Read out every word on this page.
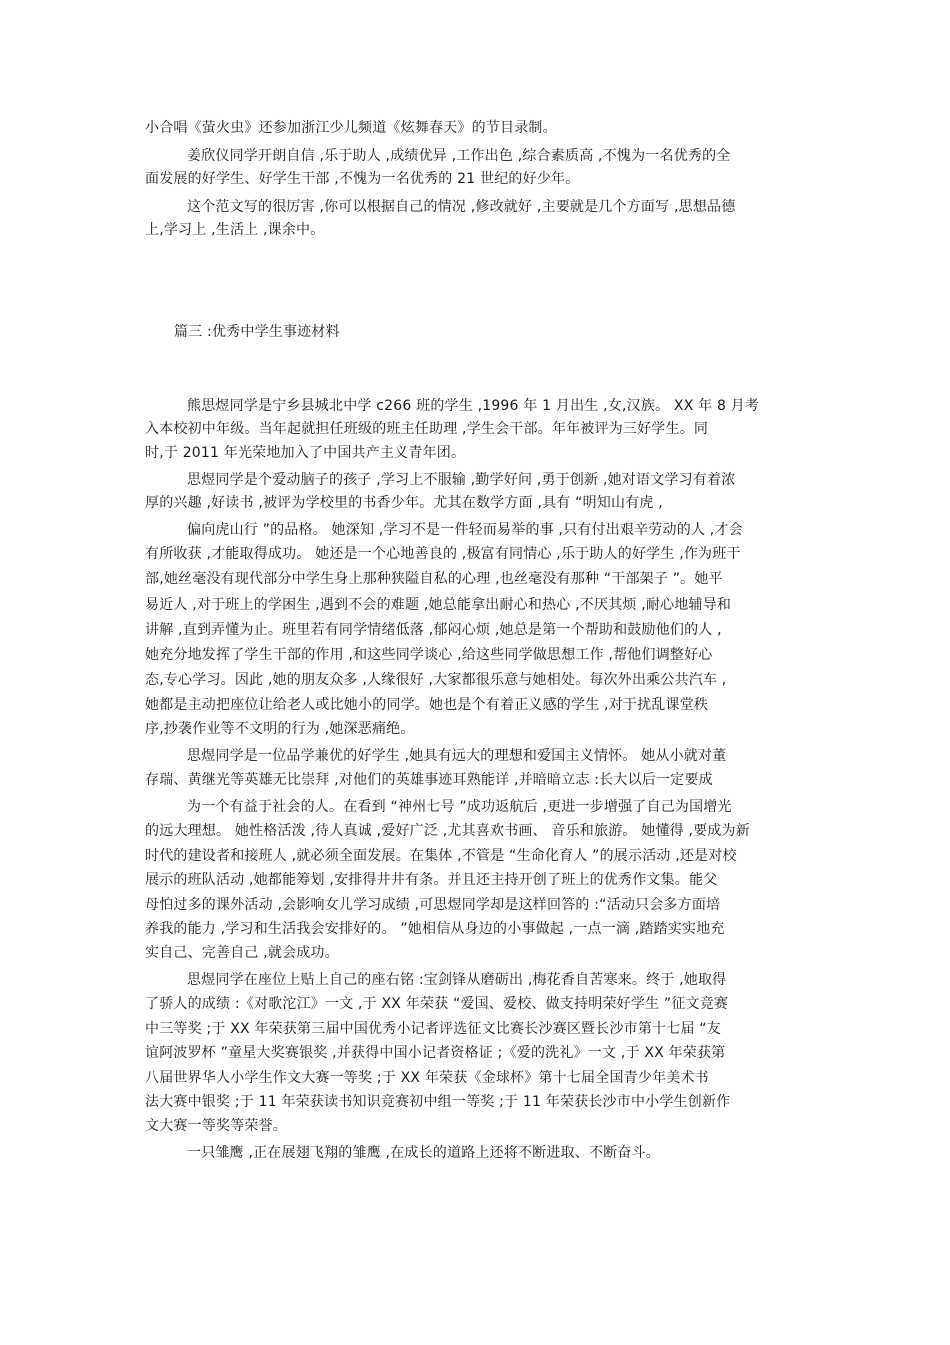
小合唱《萤火虫》还参加浙江少儿频道《炫舞春天》的节目录制。
姜欣仪同学开朗自信 ,乐于助人 ,成绩优异 ,工作出色 ,综合素质高 ,不愧为一名优秀的全
面发展的好学生、好学生干部 ,不愧为一名优秀的 21 世纪的好少年。
这个范文写的很厉害 ,你可以根据自己的情况 ,修改就好 ,主要就是几个方面写 ,思想品德
上,学习上 ,生活上 ,课余中。
篇三 :优秀中学生事迹材料
熊思煜同学是宁乡县城北中学 c266 班的学生 ,1996 年 1 月出生 ,女,汉族。 XX 年 8 月考
入本校初中年级。当年起就担任班级的班主任助理 ,学生会干部。年年被评为三好学生。同
时,于 2011 年光荣地加入了中国共产主义青年团。
思煜同学是个爱动脑子的孩子 ,学习上不服输 ,勤学好问 ,勇于创新 ,她对语文学习有着浓
厚的兴趣 ,好读书 ,被评为学校里的书香少年。尤其在数学方面 ,具有 “明知山有虎 ,
偏向虎山行 ”的品格。 她深知 ,学习不是一件轻而易举的事 ,只有付出艰辛劳动的人 ,才会
有所收获 ,才能取得成功。 她还是一个心地善良的 ,极富有同情心 ,乐于助人的好学生 ,作为班干
部,她丝毫没有现代部分中学生身上那种狭隘自私的心理 ,也丝毫没有那种 “干部架子 ”。她平
易近人 ,对于班上的学困生 ,遇到不会的难题 ,她总能拿出耐心和热心 ,不厌其烦 ,耐心地辅导和
讲解 ,直到弄懂为止。班里若有同学情绪低落 ,郁闷心烦 ,她总是第一个帮助和鼓励他们的人 ,
她充分地发挥了学生干部的作用 ,和这些同学谈心 ,给这些同学做思想工作 ,帮他们调整好心
态,专心学习。因此 ,她的朋友众多 ,人缘很好 ,大家都很乐意与她相处。每次外出乘公共汽车 ,
她都是主动把座位让给老人或比她小的同学。她也是个有着正义感的学生 ,对于扰乱课堂秩
序,抄袭作业等不文明的行为 ,她深恶痛绝。
思煜同学是一位品学兼优的好学生 ,她具有远大的理想和爱国主义情怀。 她从小就对董
存瑞、黄继光等英雄无比崇拜 ,对他们的英雄事迹耳熟能详 ,并暗暗立志 :长大以后一定要成
为一个有益于社会的人。在看到 “神州七号 ”成功返航后 ,更进一步增强了自己为国增光
的远大理想。 她性格活泼 ,待人真诚 ,爱好广泛 ,尤其喜欢书画、 音乐和旅游。 她懂得 ,要成为新
时代的建设者和接班人 ,就必须全面发展。在集体 ,不管是 “生命化育人 ”的展示活动 ,还是对校
展示的班队活动 ,她都能筹划 ,安排得井井有条。并且还主持开创了班上的优秀作文集。能父
母怕过多的课外活动 ,会影响女儿学习成绩 ,可思煜同学却是这样回答的 :“活动只会多方面培
养我的能力 ,学习和生活我会安排好的。 ”她相信从身边的小事做起 ,一点一滴 ,踏踏实实地充
实自己、完善自己 ,就会成功。
思煜同学在座位上贴上自己的座右铭 :宝剑锋从磨砺出 ,梅花香自苦寒来。终于 ,她取得
了骄人的成绩 :《对歌沱江》一文 ,于 XX 年荣获 “爱国、爱校、做支持明荣好学生 ”征文竞赛
中三等奖 ;于 XX 年荣获第三届中国优秀小记者评选征文比赛长沙赛区暨长沙市第十七届 “友
谊阿波罗杯 ”童星大奖赛银奖 ,并获得中国小记者资格证 ;《爱的洗礼》一文 ,于 XX 年荣获第
八届世界华人小学生作文大赛一等奖 ;于 XX 年荣获《金球杯》第十七届全国青少年美术书
法大赛中银奖 ;于 11 年荣获读书知识竞赛初中组一等奖 ;于 11 年荣获长沙市中小学生创新作
文大赛一等奖等荣誉。
一只雏鹰 ,正在展翅飞翔的雏鹰 ,在成长的道路上还将不断进取、不断奋斗。
